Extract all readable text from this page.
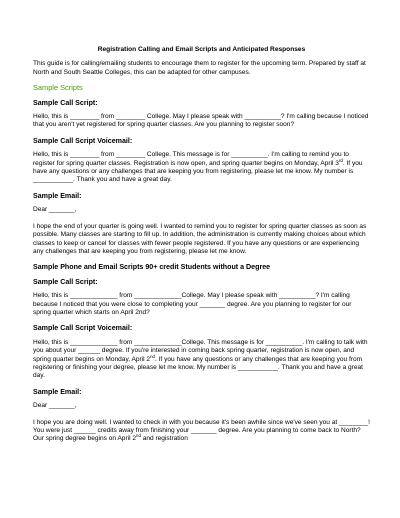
Registration Calling and Email Scripts and Anticipated Responses

This guide is for calling/emailing students to encourage them to register for the upcoming term. Prepared by staff at North and South Seattle Colleges, this can be adapted for other campuses.

Sample Scripts

Sample Call Script:

Hello, this is ________ from ________ College. May I please speak with __________? I'm calling because I noticed that you aren't yet registered for spring quarter classes. Are you planning to register soon?

Sample Call Script Voicemail:

Hello, this is ________ from ________ College. This message is for __________. I'm calling to remind you to register for spring quarter classes. Registration is now open, and spring quarter begins on Monday, April 3rd. If you have any questions or any challenges that are keeping you from registering, please let me know. My number is ___________. Thank you and have a great day.

Sample Email:

Dear _______,

I hope the end of your quarter is going well. I wanted to remind you to register for spring quarter classes as soon as possible. Many classes are starting to fill up. In addition, the administration is currently making choices about which classes to keep or cancel for classes with fewer people registered. If you have any questions or are experiencing any challenges that are keeping you from registering, please let me know.

Sample Phone and Email Scripts 90+ credit Students without a Degree

Sample Call Script:

Hello, this is _____________ from _____________College. May I please speak with __________? I'm calling because I noticed that you were close to completing your _______ degree. Are you planning to register for our spring quarter which starts on April 2nd?

Sample Call Script Voicemail:

Hello, this is _____________ from _____________College. This message is for __________. I'm calling to talk with you about your ______ degree. If you're interested in coming back spring quarter, registration is now open, and spring quarter begins on Monday, April 2nd. If you have any questions or any challenges that are keeping you from registering or finishing your degree, please let me know. My number is ___________. Thank you and have a great day.

Sample Email:

Dear _______,

I hope you are doing well. I wanted to check in with you because it's been awhile since we've seen you at ________! You were just ______ credits away from finishing your _______ degree. Are you planning to come back to North? Our spring degree begins on April 2nd and registration
